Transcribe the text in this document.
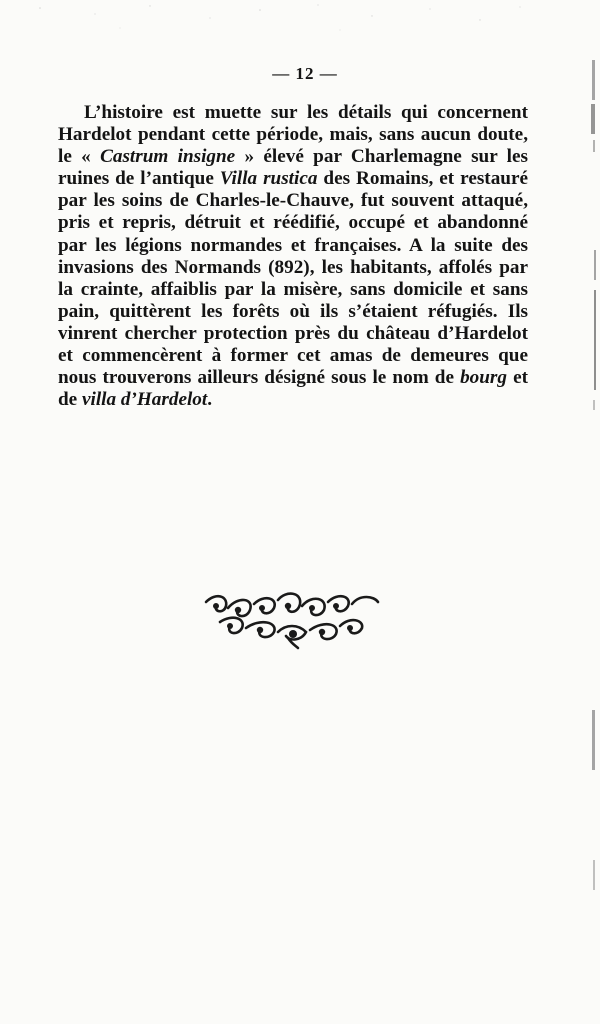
— 12 —

L’histoire est muette sur les détails qui concernent Hardelot pendant cette période, mais, sans aucun doute, le « Castrum insigne » élevé par Charlemagne sur les ruines de l’antique Villa rustica des Romains, et restauré par les soins de Charles-le-Chauve, fut souvent attaqué, pris et repris, détruit et réédifié, occupé et abandonné par les légions normandes et françaises. A la suite des invasions des Normands (892), les habitants, affolés par la crainte, affaiblis par la misère, sans domicile et sans pain, quittèrent les forêts où ils s’étaient réfugiés. Ils vinrent chercher protection près du château d’Hardelot et commencèrent à former cet amas de demeures que nous trouverons ailleurs désigné sous le nom de bourg et de villa d’Hardelot.
